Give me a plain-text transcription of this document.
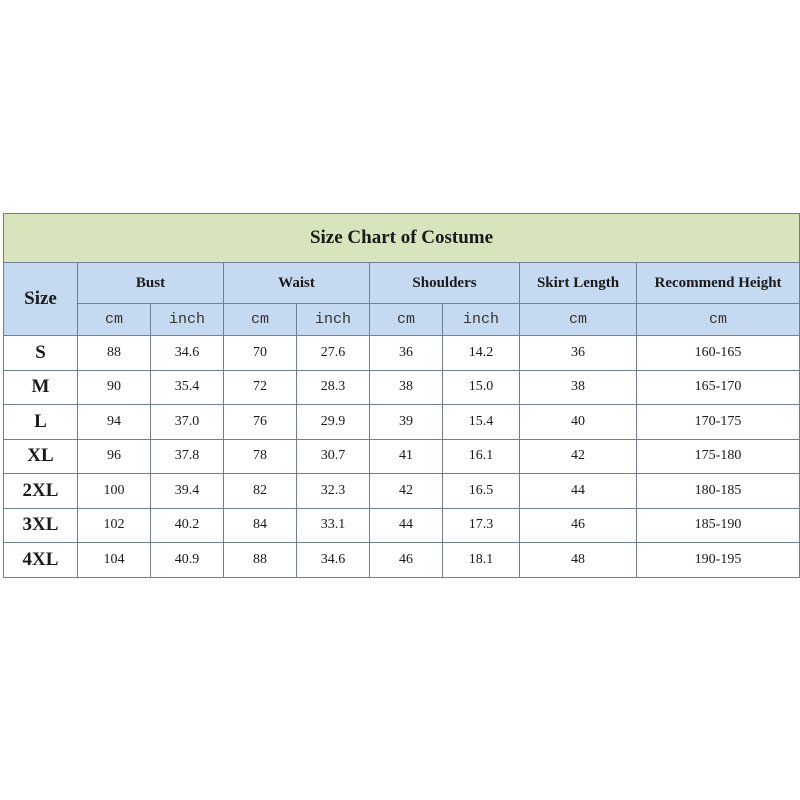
Size Chart of Costume								
Size	Bust		Waist		Shoulders		Skirt Length	Recommend Height
	cm	inch	cm	inch	cm	inch	cm	cm
S	88	34.6	70	27.6	36	14.2	36	160-165
M	90	35.4	72	28.3	38	15.0	38	165-170
L	94	37.0	76	29.9	39	15.4	40	170-175
XL	96	37.8	78	30.7	41	16.1	42	175-180
2XL	100	39.4	82	32.3	42	16.5	44	180-185
3XL	102	40.2	84	33.1	44	17.3	46	185-190
4XL	104	40.9	88	34.6	46	18.1	48	190-195
